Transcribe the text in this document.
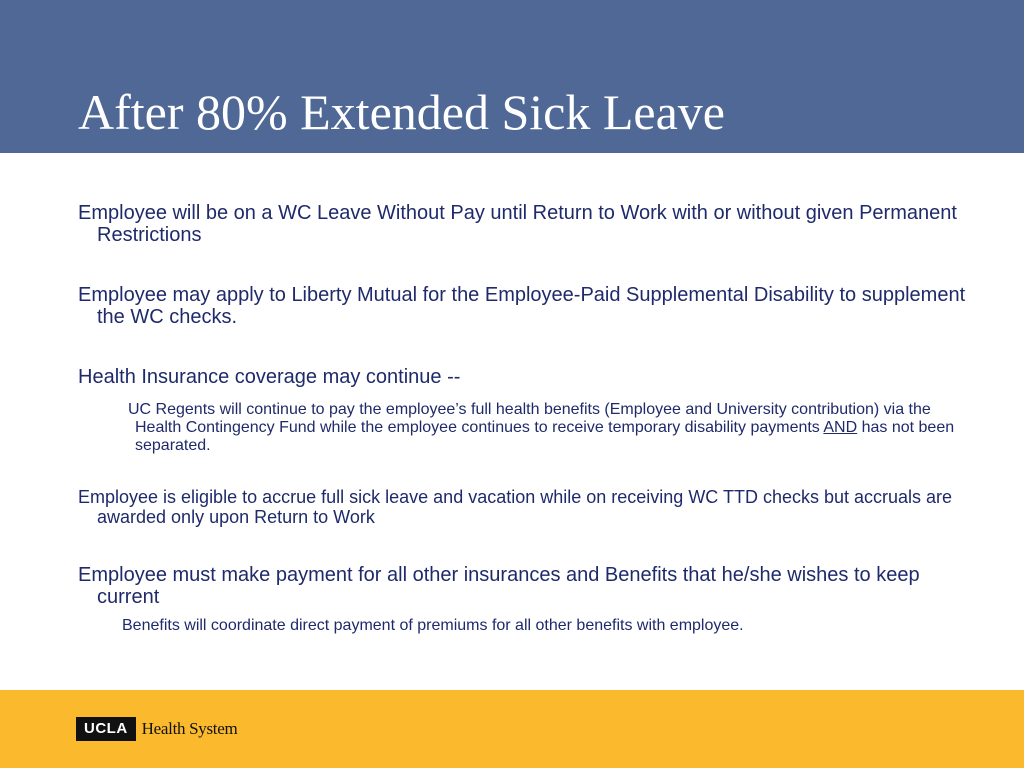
After 80% Extended Sick Leave

Employee will be on a WC Leave Without Pay until Return to Work with or without given Permanent Restrictions

Employee may apply to Liberty Mutual for the Employee-Paid Supplemental Disability to supplement the WC checks.

Health Insurance coverage may continue --

UC Regents will continue to pay the employee’s full health benefits (Employee and University contribution) via the Health Contingency Fund while the employee continues to receive temporary disability payments AND has not been separated.

Employee is eligible to accrue full sick leave and vacation while on receiving WC TTD checks but accruals are awarded only upon Return to Work

Employee must make payment for all other insurances and Benefits that he/she wishes to keep current

Benefits will coordinate direct payment of premiums for all other benefits with employee.

UCLA Health System
